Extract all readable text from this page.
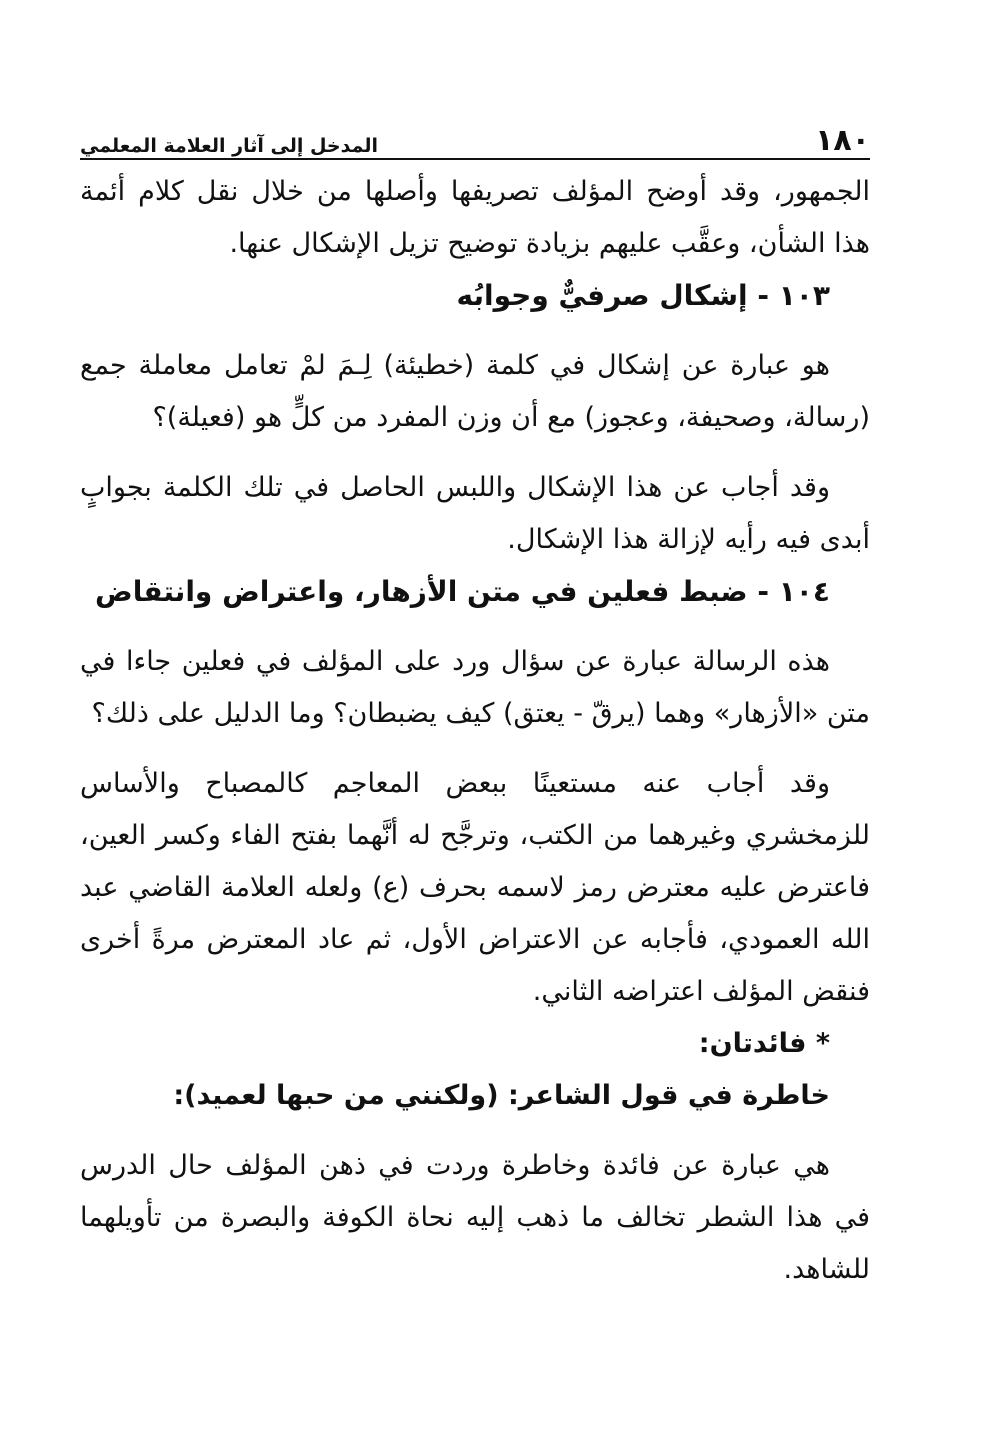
١٨٠
المدخل إلى آثار العلامة المعلمي

الجمهور، وقد أوضح المؤلف تصريفها وأصلها من خلال نقل كلام أئمة هذا الشأن، وعقَّب عليهم بزيادة توضيح تزيل الإشكال عنها.

١٠٣ - إشكال صرفيٌّ وجوابُه

هو عبارة عن إشكال في كلمة (خطيئة) لِـمَ لمْ تعامل معاملة جمع (رسالة، وصحيفة، وعجوز) مع أن وزن المفرد من كلٍّ هو (فعيلة)؟

وقد أجاب عن هذا الإشكال واللبس الحاصل في تلك الكلمة بجوابٍ أبدى فيه رأيه لإزالة هذا الإشكال.

١٠٤ - ضبط فعلين في متن الأزهار، واعتراض وانتقاض

هذه الرسالة عبارة عن سؤال ورد على المؤلف في فعلين جاءا في متن «الأزهار» وهما (يرقّ - يعتق) كيف يضبطان؟ وما الدليل على ذلك؟

وقد أجاب عنه مستعينًا ببعض المعاجم كالمصباح والأساس للزمخشري وغيرهما من الكتب، وترجَّح له أنَّهما بفتح الفاء وكسر العين، فاعترض عليه معترض رمز لاسمه بحرف (ع) ولعله العلامة القاضي عبد الله العمودي، فأجابه عن الاعتراض الأول، ثم عاد المعترض مرةً أخرى فنقض المؤلف اعتراضه الثاني.

* فائدتان:
خاطرة في قول الشاعر: (ولكنني من حبها لعميد):

هي عبارة عن فائدة وخاطرة وردت في ذهن المؤلف حال الدرس في هذا الشطر تخالف ما ذهب إليه نحاة الكوفة والبصرة من تأويلهما للشاهد.
